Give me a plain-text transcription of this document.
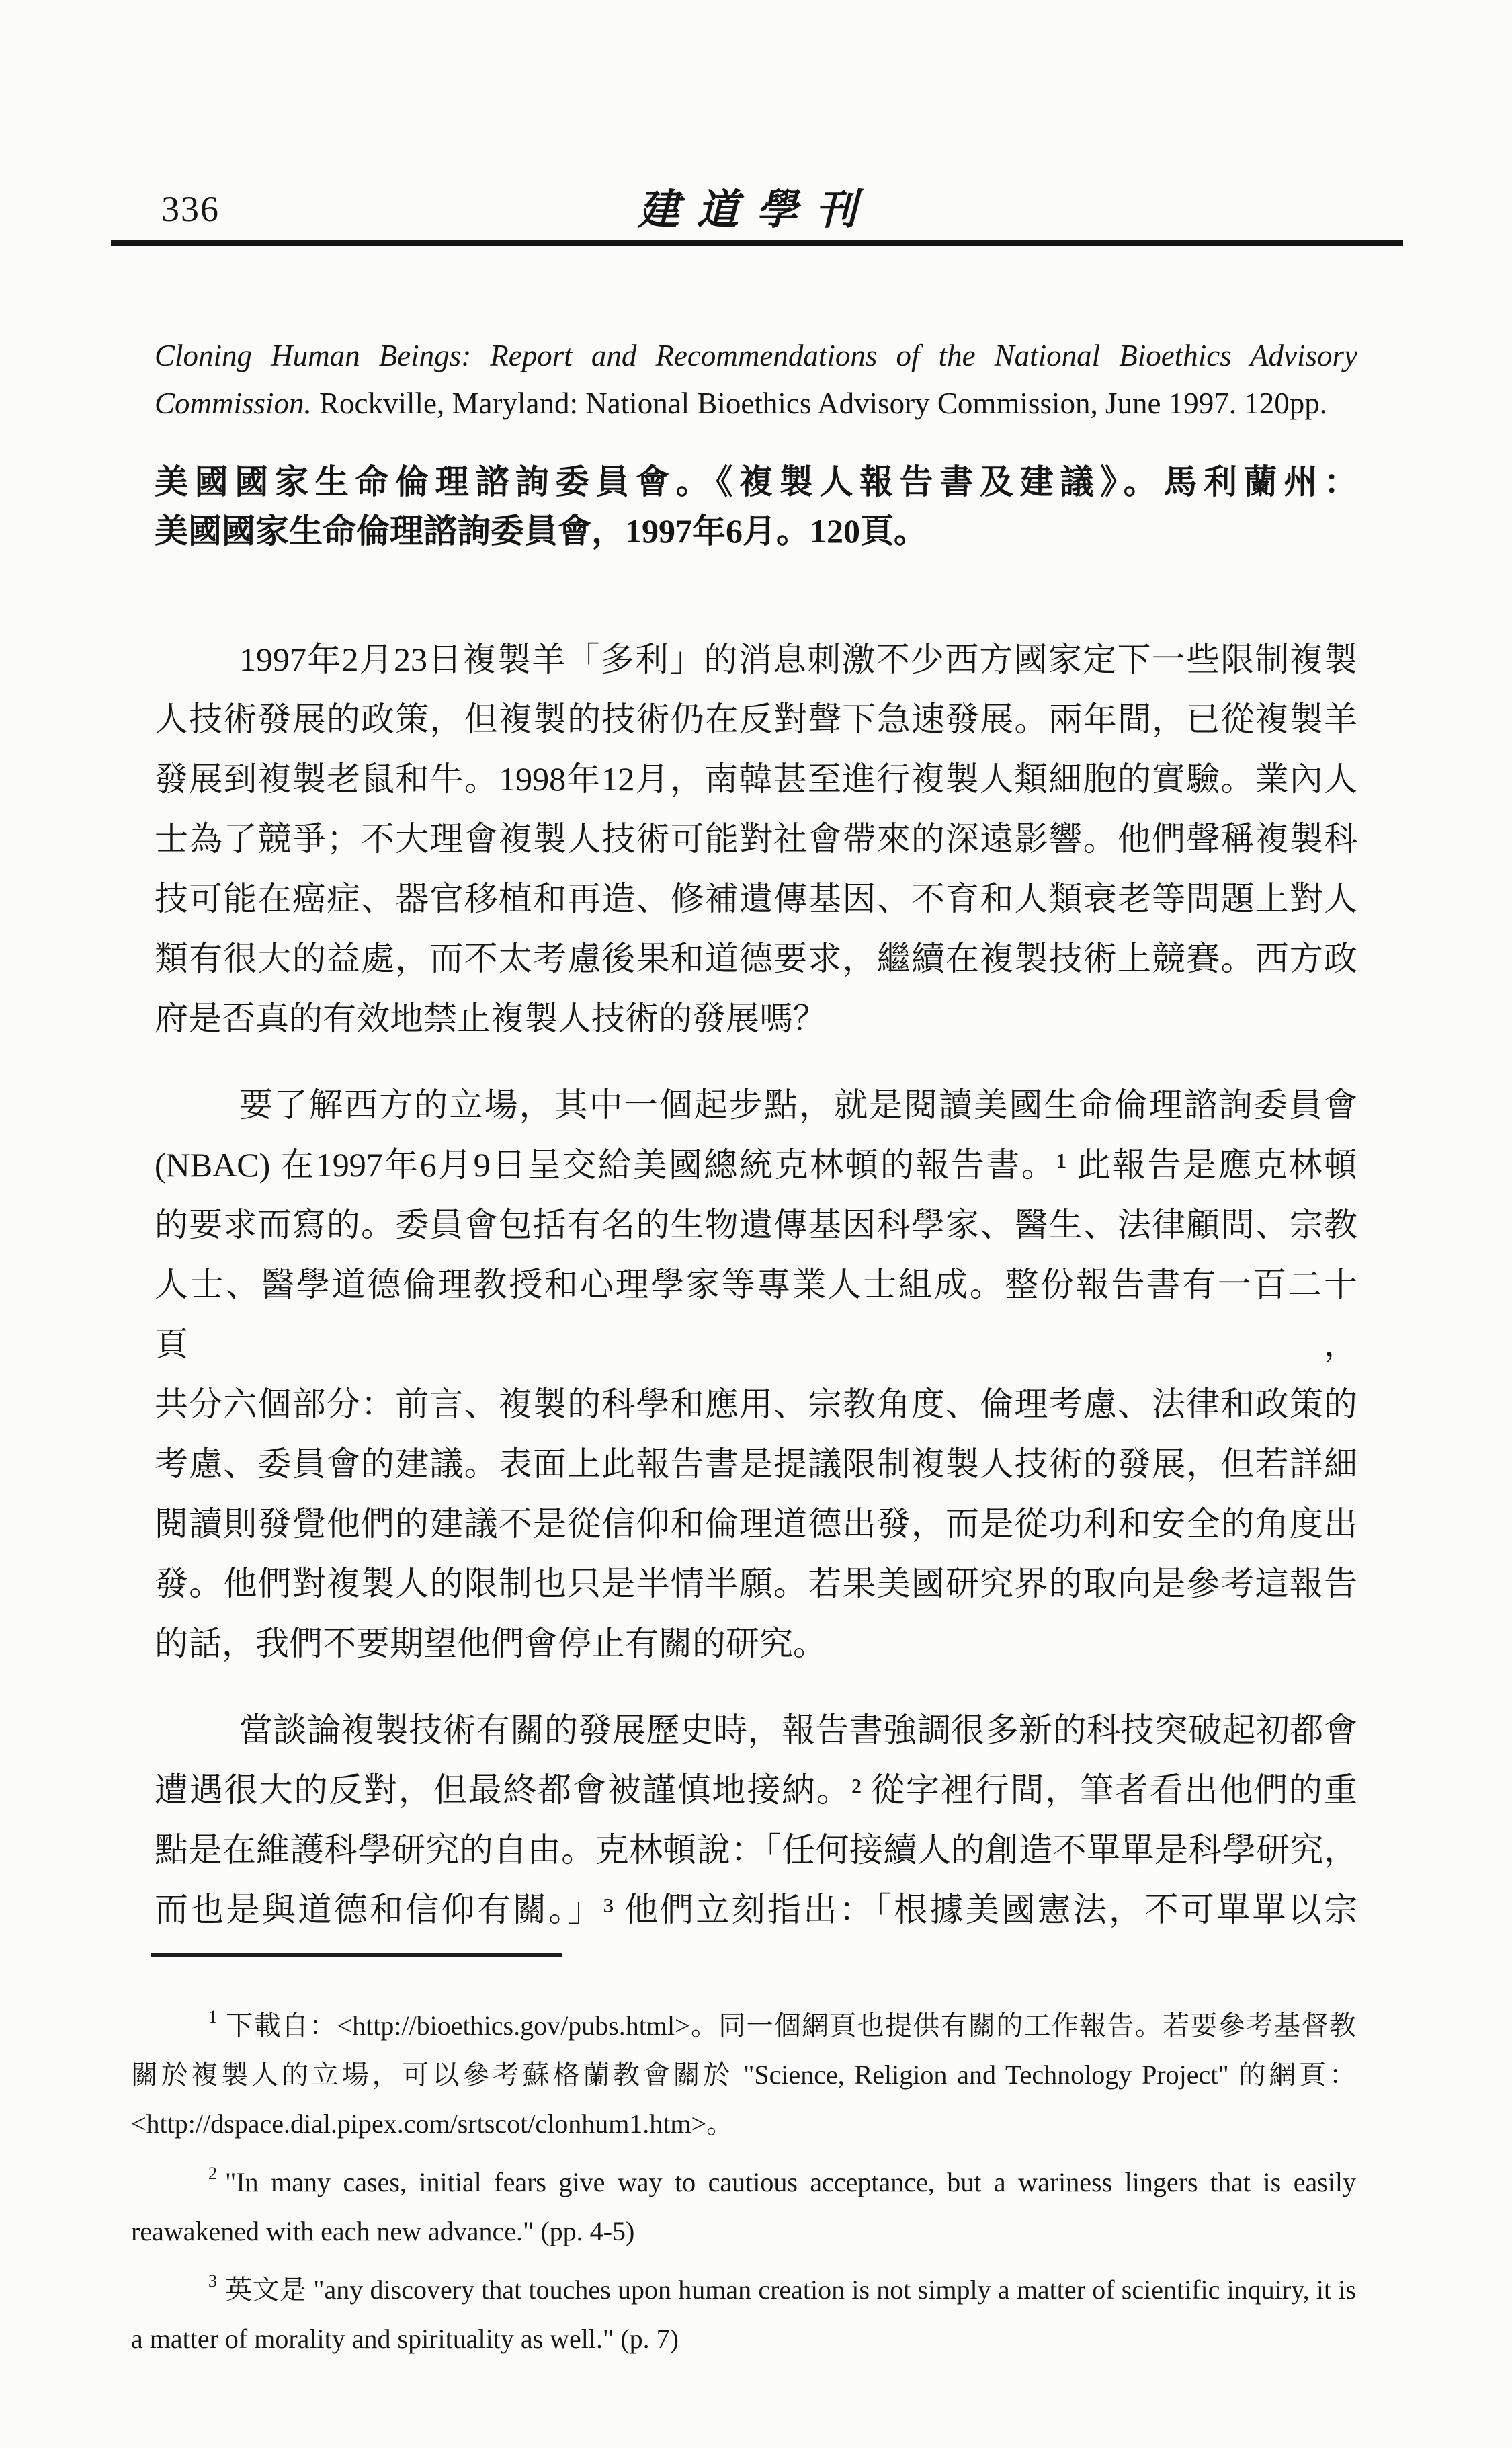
336	建道學刊

Cloning Human Beings: Report and Recommendations of the National Bioethics Advisory Commission. Rockville, Maryland: National Bioethics Advisory Commission, June 1997. 120pp.

美國國家生命倫理諮詢委員會。《複製人報告書及建議》。馬利蘭州：
美國國家生命倫理諮詢委員會，1997年6月。120頁。
1997年2月23日複製羊「多利」的消息刺激不少西方國家定下一些限制複製
人技術發展的政策，但複製的技術仍在反對聲下急速發展。兩年間，已從複製羊
發展到複製老鼠和牛。1998年12月，南韓甚至進行複製人類細胞的實驗。業內人
士為了競爭；不大理會複製人技術可能對社會帶來的深遠影響。他們聲稱複製科
技可能在癌症、器官移植和再造、修補遺傳基因、不育和人類衰老等問題上對人
類有很大的益處，而不太考慮後果和道德要求，繼續在複製技術上競賽。西方政
府是否真的有效地禁止複製人技術的發展嗎？
要了解西方的立場，其中一個起步點，就是閱讀美國生命倫理諮詢委員會
(NBAC) 在1997年6月9日呈交給美國總統克林頓的報告書。¹ 此報告是應克林頓
的要求而寫的。委員會包括有名的生物遺傳基因科學家、醫生、法律顧問、宗教
人士、醫學道德倫理教授和心理學家等專業人士組成。整份報告書有一百二十頁，
共分六個部分：前言、複製的科學和應用、宗教角度、倫理考慮、法律和政策的
考慮、委員會的建議。表面上此報告書是提議限制複製人技術的發展，但若詳細
閱讀則發覺他們的建議不是從信仰和倫理道德出發，而是從功利和安全的角度出
發。他們對複製人的限制也只是半情半願。若果美國研究界的取向是參考這報告
的話，我們不要期望他們會停止有關的研究。
當談論複製技術有關的發展歷史時，報告書強調很多新的科技突破起初都會
遭遇很大的反對，但最終都會被謹慎地接納。² 從字裡行間，筆者看出他們的重
點是在維護科學研究的自由。克林頓說：「任何接續人的創造不單單是科學研究，
而也是與道德和信仰有關。」³ 他們立刻指出：「根據美國憲法，不可單單以宗

$^1$ 下載自：<http://bioethics.gov/pubs.html>。同一個網頁也提供有關的工作報告。若要參考基督教關於複製人的立場，可以參考蘇格蘭教會關於 "Science, Religion and Technology Project" 的網頁：<http://dspace.dial.pipex.com/srtscot/clonhum1.htm>。

$^2$ "In many cases, initial fears give way to cautious acceptance, but a wariness lingers that is easily reawakened with each new advance." (pp. 4-5)

$^3$ 英文是 "any discovery that touches upon human creation is not simply a matter of scientific inquiry, it is a matter of morality and spirituality as well." (p. 7)
